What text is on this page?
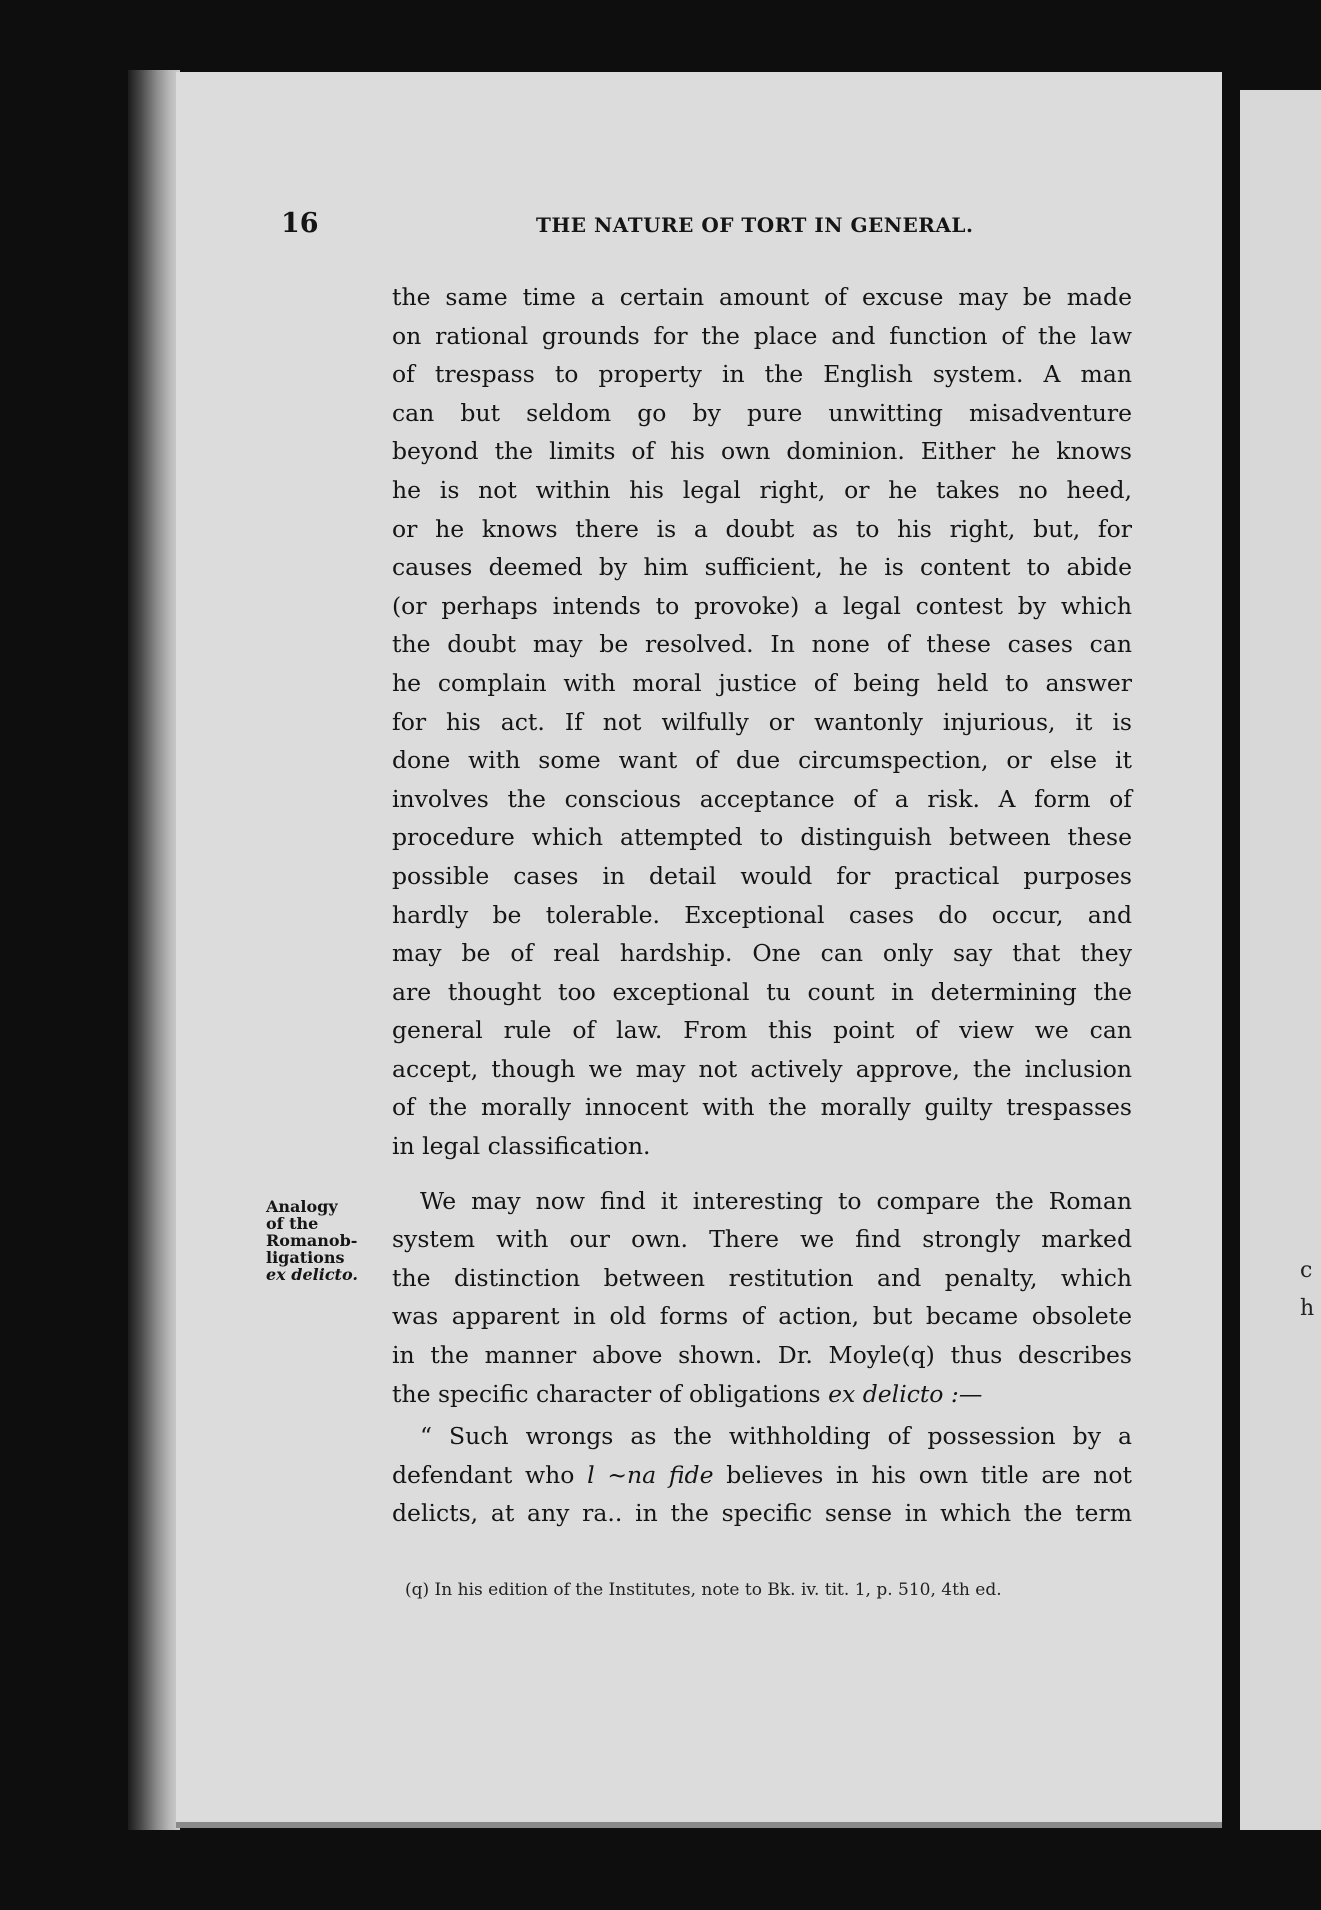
c
h
16	THE NATURE OF TORT IN GENERAL.
the same time a certain amount of excuse may be made
on rational grounds for the place and function of the law
of trespass to property in the English system. A man
can but seldom go by pure unwitting misadventure
beyond the limits of his own dominion. Either he knows
he is not within his legal right, or he takes no heed,
or he knows there is a doubt as to his right, but, for
causes deemed by him sufficient, he is content to abide
(or perhaps intends to provoke) a legal contest by which
the doubt may be resolved. In none of these cases can
he complain with moral justice of being held to answer
for his act. If not wilfully or wantonly injurious, it is
done with some want of due circumspection, or else it
involves the conscious acceptance of a risk. A form of
procedure which attempted to distinguish between these
possible cases in detail would for practical purposes
hardly be tolerable. Exceptional cases do occur, and
may be of real hardship. One can only say that they
are thought too exceptional tu count in determining the
general rule of law. From this point of view we can
accept, though we may not actively approve, the inclusion
of the morally innocent with the morally guilty trespasses
in legal classification.
We may now find it interesting to compare the Roman
system with our own. There we find strongly marked
the distinction between restitution and penalty, which
was apparent in old forms of action, but became obsolete
in the manner above shown. Dr. Moyle(q) thus describes
the specific character of obligations ex delicto :—
“ Such wrongs as the withholding of possession by a
defendant who l ~na fide believes in his own title are not
delicts, at any ra.. in the specific sense in which the term
Analogy
of the
Romanob-
ligations
ex delicto.
(q) In his edition of the Institutes, note to Bk. iv. tit. 1, p. 510, 4th ed.
